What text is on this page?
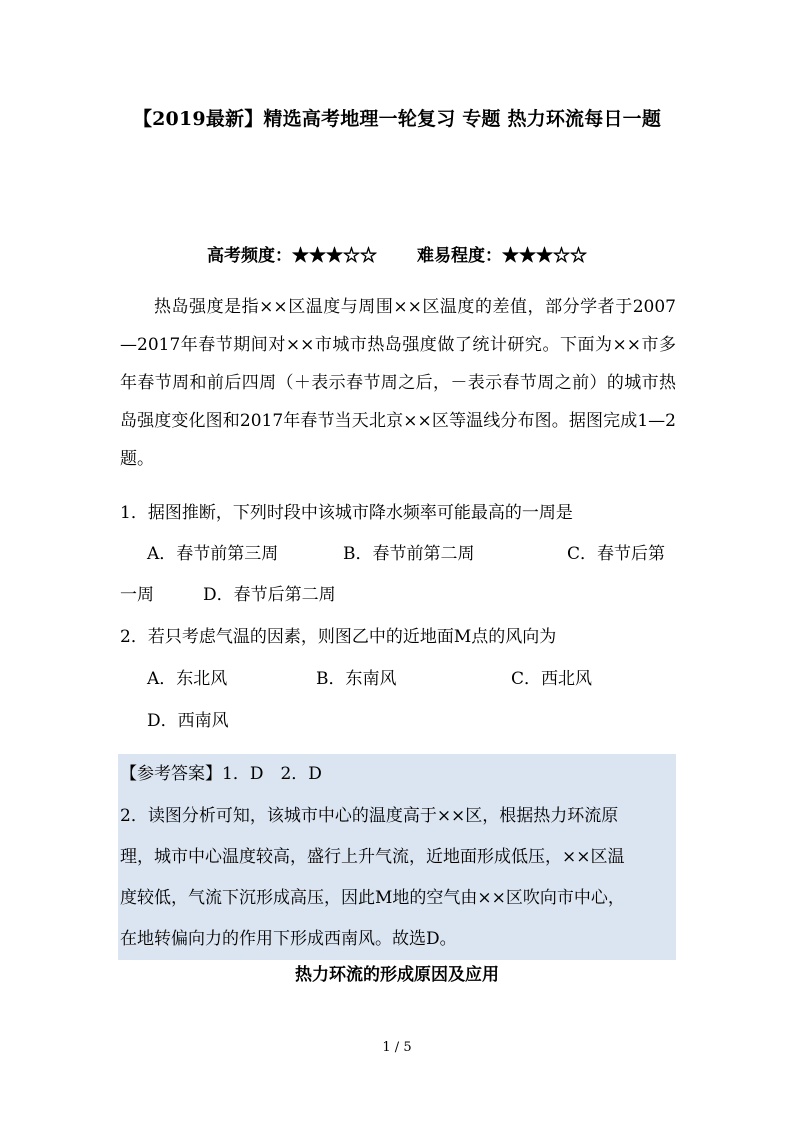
【2019最新】精选高考地理一轮复习 专题 热力环流每日一题
高考频度：★★★☆☆ 难易程度：★★★☆☆

热岛强度是指××区温度与周围××区温度的差值，部分学者于2007—2017年春节期间对××市城市热岛强度做了统计研究。下面为××市多年春节周和前后四周（＋表示春节周之后，－表示春节周之前）的城市热岛强度变化图和2017年春节当天北京××区等温线分布图。据图完成1—2题。

1．据图推断，下列时段中该城市降水频率可能最高的一周是
A．春节前第三周	B．春节前第二周	C．春节后第
一周	D．春节后第二周
2．若只考虑气温的因素，则图乙中的近地面M点的风向为
A．东北风	B．东南风	C．西北风
D．西南风
【参考答案】1．D　2．D
2．读图分析可知，该城市中心的温度高于××区，根据热力环流原
理，城市中心温度较高，盛行上升气流，近地面形成低压，××区温
度较低，气流下沉形成高压，因此M地的空气由××区吹向市中心，
在地转偏向力的作用下形成西南风。故选D。
热力环流的形成原因及应用
1 / 5
